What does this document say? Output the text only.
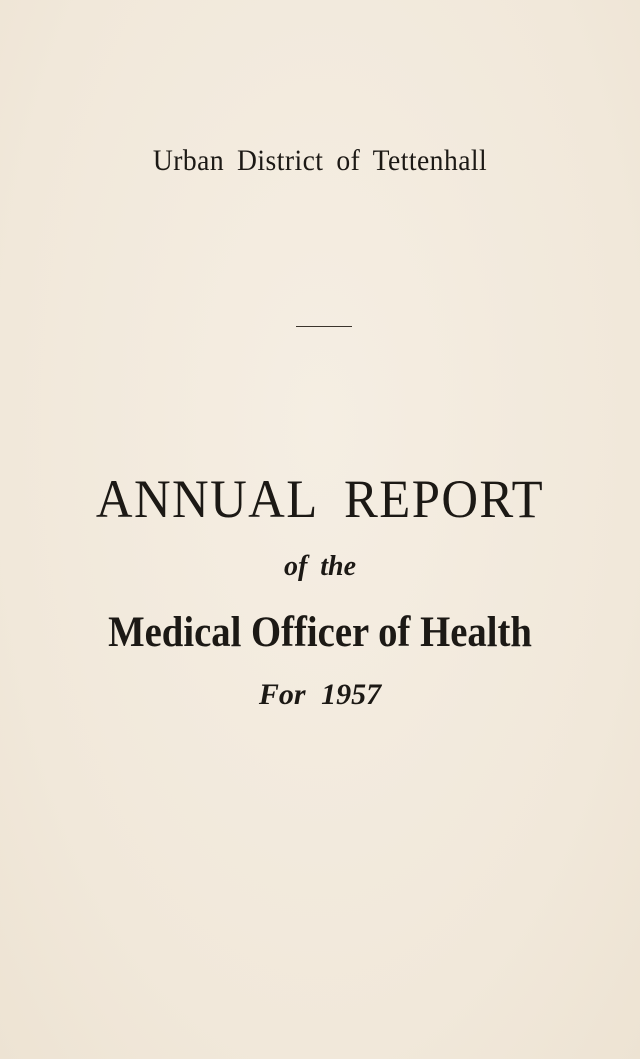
Urban District of Tettenhall
ANNUAL REPORT
of the
Medical Officer of Health
For 1957
